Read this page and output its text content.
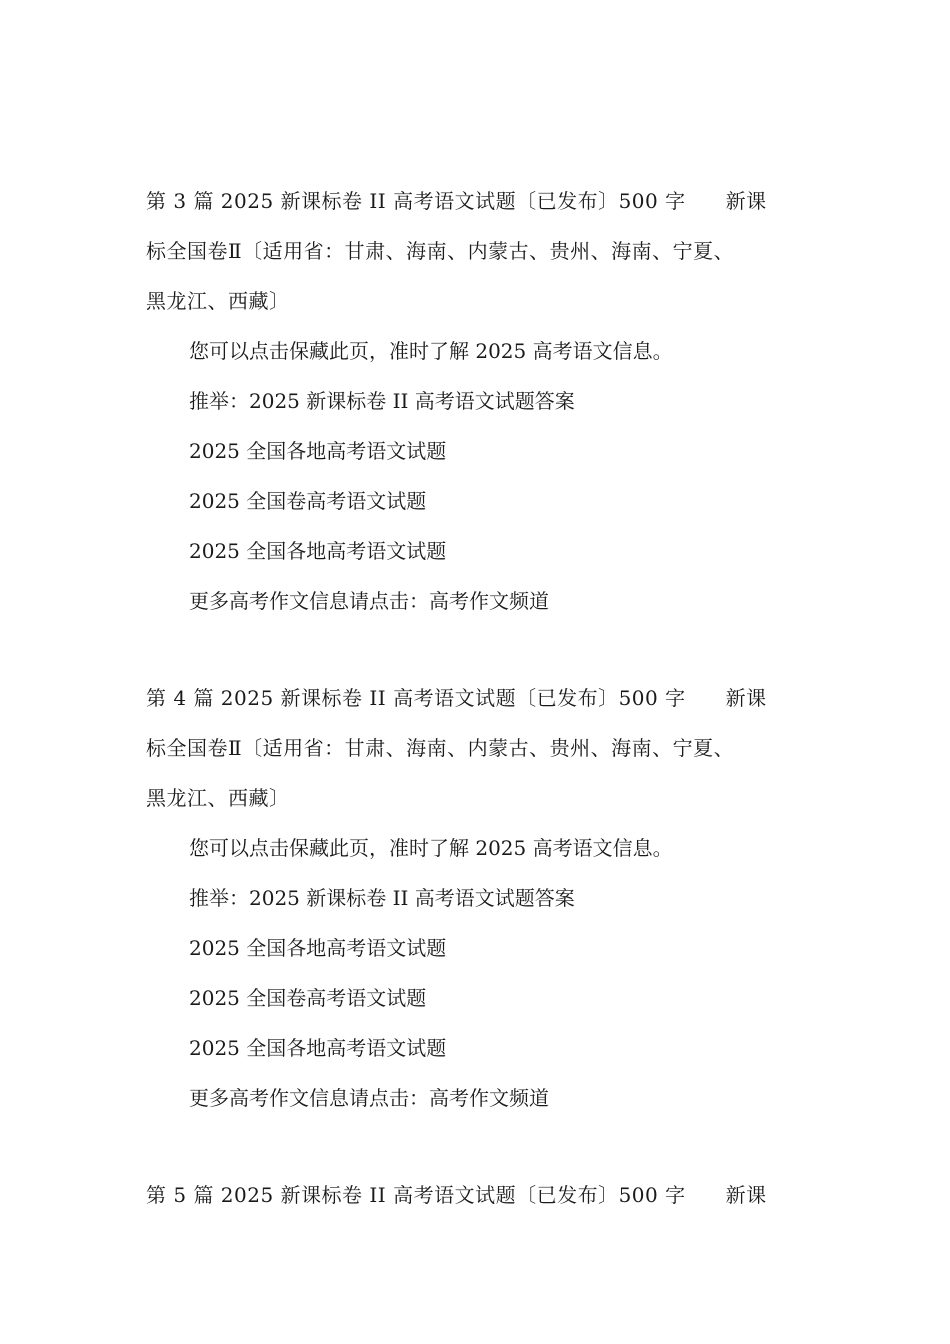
第 3 篇 2025 新课标卷 II 高考语文试题〔已发布〕500 字 新课

标全国卷Ⅱ〔适用省：甘肃、海南、内蒙古、贵州、海南、宁夏、

黑龙江、西藏〕

您可以点击保藏此页，准时了解 2025 高考语文信息。

推举：2025 新课标卷 II 高考语文试题答案

2025 全国各地高考语文试题

2025 全国卷高考语文试题

2025 全国各地高考语文试题

更多高考作文信息请点击：高考作文频道

第 4 篇 2025 新课标卷 II 高考语文试题〔已发布〕500 字 新课

标全国卷Ⅱ〔适用省：甘肃、海南、内蒙古、贵州、海南、宁夏、

黑龙江、西藏〕

您可以点击保藏此页，准时了解 2025 高考语文信息。

推举：2025 新课标卷 II 高考语文试题答案

2025 全国各地高考语文试题

2025 全国卷高考语文试题

2025 全国各地高考语文试题

更多高考作文信息请点击：高考作文频道

第 5 篇 2025 新课标卷 II 高考语文试题〔已发布〕500 字 新课
